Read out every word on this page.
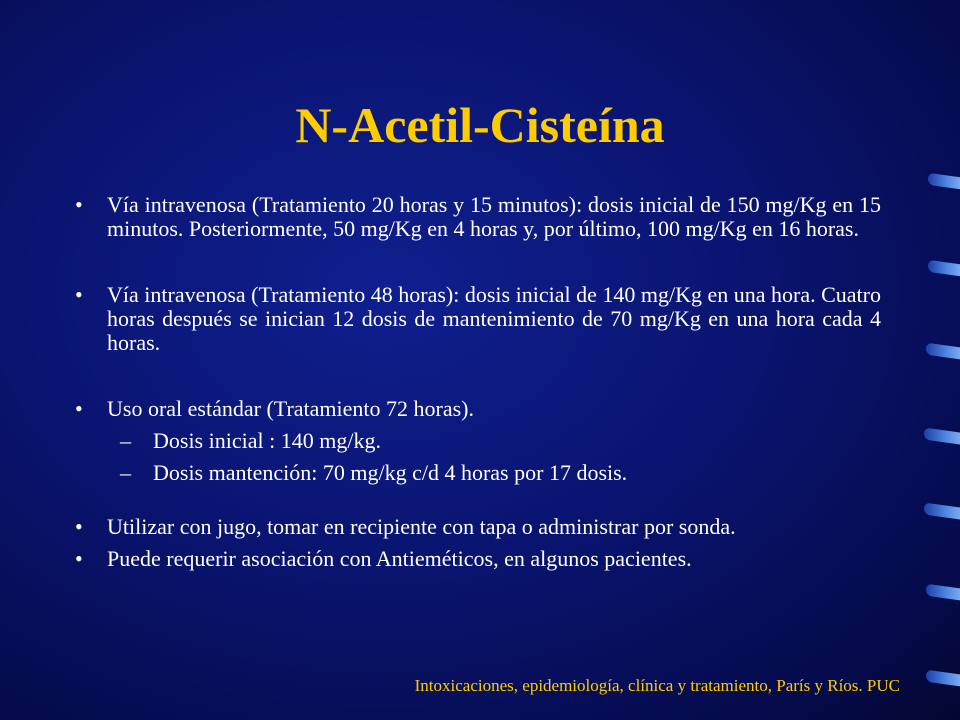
N-Acetil-Cisteína
• Vía intravenosa (Tratamiento 20 horas y 15 minutos): dosis inicial de 150 mg/Kg en 15 minutos. Posteriormente, 50 mg/Kg en 4 horas y, por último, 100 mg/Kg en 16 horas.
• Vía intravenosa (Tratamiento 48 horas): dosis inicial de 140 mg/Kg en una hora. Cuatro horas después se inician 12 dosis de mantenimiento de 70 mg/Kg en una hora cada 4 horas.
• Uso oral estándar (Tratamiento 72 horas).
– Dosis inicial : 140 mg/kg.
– Dosis mantención: 70 mg/kg c/d 4 horas por 17 dosis.
• Utilizar con jugo, tomar en recipiente con tapa o administrar por sonda.
• Puede requerir asociación con Antieméticos, en algunos pacientes.
Intoxicaciones, epidemiología, clínica y tratamiento, París y Ríos. PUC
